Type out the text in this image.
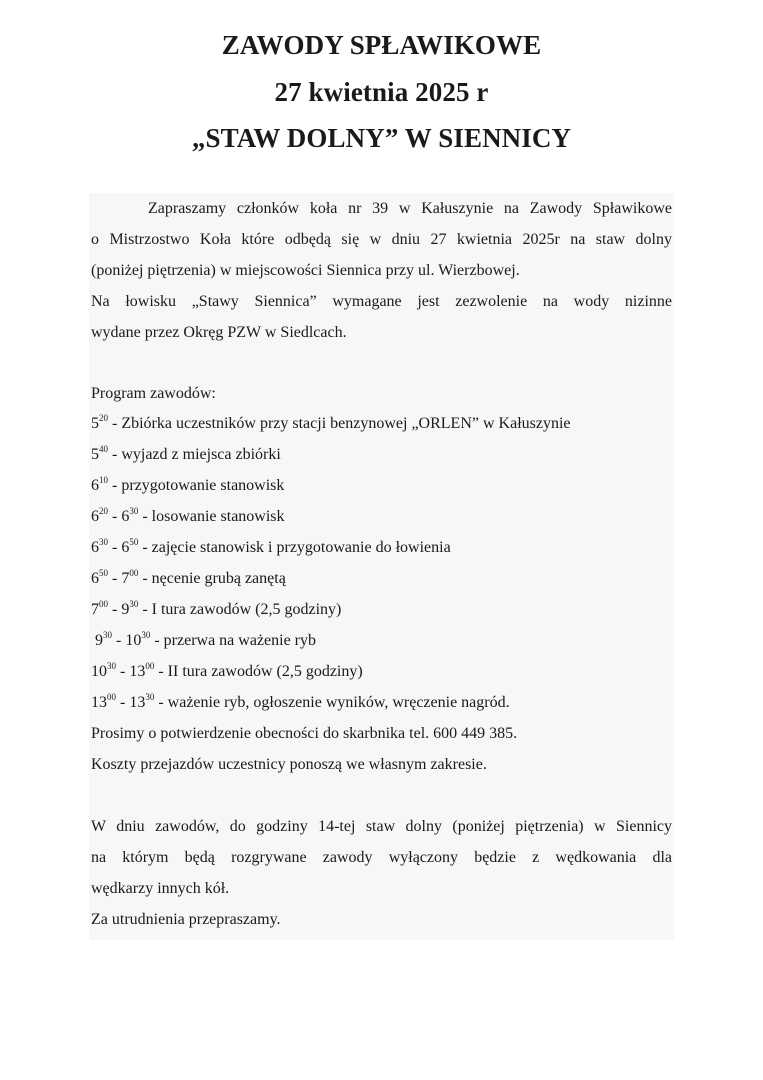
ZAWODY SPŁAWIKOWE

27 kwietnia 2025 r

„STAW DOLNY” W SIENNICY

Zapraszamy członków koła nr 39 w Kałuszynie na Zawody Spławikowe
o Mistrzostwo Koła które odbędą się w dniu 27 kwietnia 2025r na staw dolny
(poniżej piętrzenia) w miejscowości Siennica przy ul. Wierzbowej.
Na łowisku „Stawy Siennica” wymagane jest zezwolenie na wody nizinne
wydane przez Okręg PZW w Siedlcach.
Program zawodów:
$5^{20}$ - Zbiórka uczestników przy stacji benzynowej „ORLEN” w Kałuszynie
$5^{40}$ - wyjazd z miejsca zbiórki
$6^{10}$ - przygotowanie stanowisk
$6^{20} - 6^{30}$ - losowanie stanowisk
$6^{30} - 6^{50}$ - zajęcie stanowisk i przygotowanie do łowienia
$6^{50} - 7^{00}$ - nęcenie grubą zanętą
$7^{00} - 9^{30}$ - I tura zawodów (2,5 godziny)
$9^{30} - 10^{30}$ - przerwa na ważenie ryb
$10^{30} - 13^{00}$ - II tura zawodów (2,5 godziny)
$13^{00} - 13^{30}$ - ważenie ryb, ogłoszenie wyników, wręczenie nagród.
Prosimy o potwierdzenie obecności do skarbnika tel. 600 449 385.
Koszty przejazdów uczestnicy ponoszą we własnym zakresie.
W dniu zawodów, do godziny 14-tej staw dolny (poniżej piętrzenia) w Siennicy
na którym będą rozgrywane zawody wyłączony będzie z wędkowania dla
wędkarzy innych kół.
Za utrudnienia przepraszamy.
